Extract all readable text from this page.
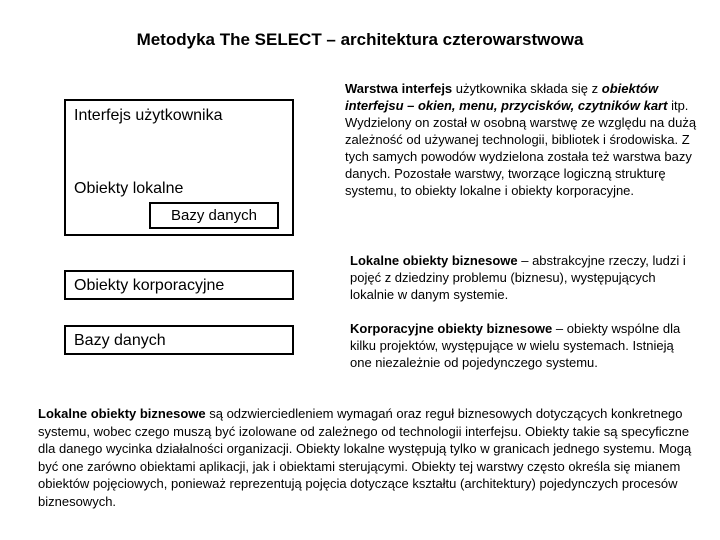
Metodyka The SELECT – architektura czterowarstwowa
Interfejs użytkownika
Obiekty lokalne
Bazy danych
Obiekty korporacyjne
Bazy danych
Warstwa interfejs użytkownika składa się z obiektów interfejsu – okien, menu, przycisków, czytników kart itp. Wydzielony on został w osobną warstwę ze względu na dużą zależność od używanej technologii, bibliotek i środowiska. Z tych samych powodów wydzielona została też warstwa bazy danych. Pozostałe warstwy, tworzące logiczną strukturę systemu, to obiekty lokalne i obiekty korporacyjne.
Lokalne obiekty biznesowe – abstrakcyjne rzeczy, ludzi i pojęć z dziedziny problemu (biznesu), występujących lokalnie w danym systemie.
Korporacyjne obiekty biznesowe – obiekty wspólne dla kilku projektów, występujące w wielu systemach. Istnieją one niezależnie od pojedynczego systemu.
Lokalne obiekty biznesowe są odzwierciedleniem wymagań oraz reguł biznesowych dotyczących konkretnego systemu, wobec czego muszą być izolowane od zależnego od technologii interfejsu. Obiekty takie są specyficzne dla danego wycinka działalności organizacji. Obiekty lokalne występują tylko w granicach jednego systemu. Mogą być one zarówno obiektami aplikacji, jak i obiektami sterującymi. Obiekty tej warstwy często określa się mianem obiektów pojęciowych, ponieważ reprezentują pojęcia dotyczące kształtu (architektury) pojedynczych procesów biznesowych.
